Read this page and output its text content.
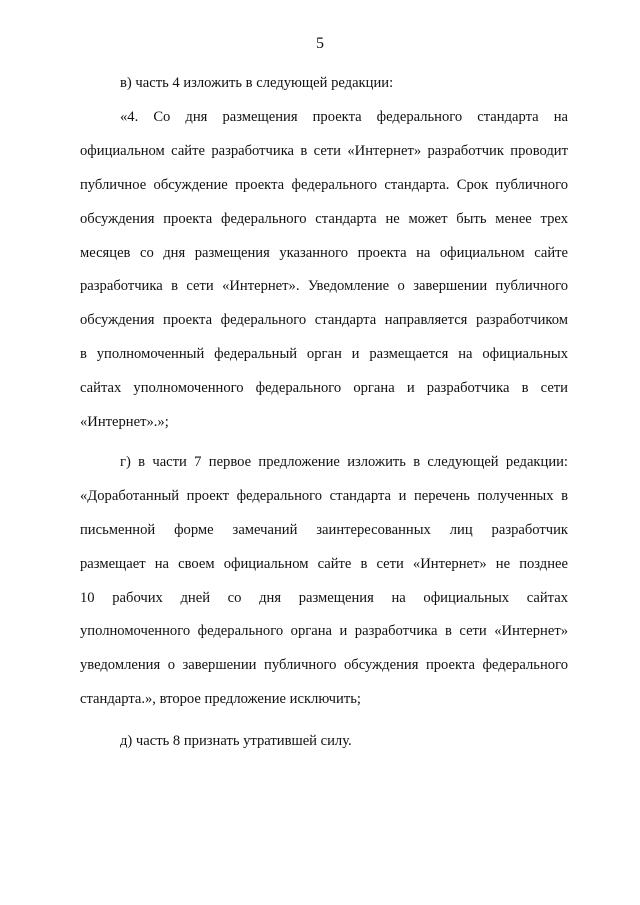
5
в) часть 4 изложить в следующей редакции:
«4. Со дня размещения проекта федерального стандарта на
официальном сайте разработчика в сети «Интернет» разработчик проводит
публичное обсуждение проекта федерального стандарта. Срок публичного
обсуждения проекта федерального стандарта не может быть менее трех
месяцев со дня размещения указанного проекта на официальном сайте
разработчика в сети «Интернет». Уведомление о завершении публичного
обсуждения проекта федерального стандарта направляется разработчиком
в уполномоченный федеральный орган и размещается на официальных
сайтах уполномоченного федерального органа и разработчика в сети
«Интернет».»;
г) в части 7 первое предложение изложить в следующей редакции:
«Доработанный проект федерального стандарта и перечень полученных в
письменной форме замечаний заинтересованных лиц разработчик
размещает на своем официальном сайте в сети «Интернет» не позднее
10 рабочих дней со дня размещения на официальных сайтах
уполномоченного федерального органа и разработчика в сети «Интернет»
уведомления о завершении публичного обсуждения проекта федерального
стандарта.», второе предложение исключить;
д) часть 8 признать утратившей силу.
